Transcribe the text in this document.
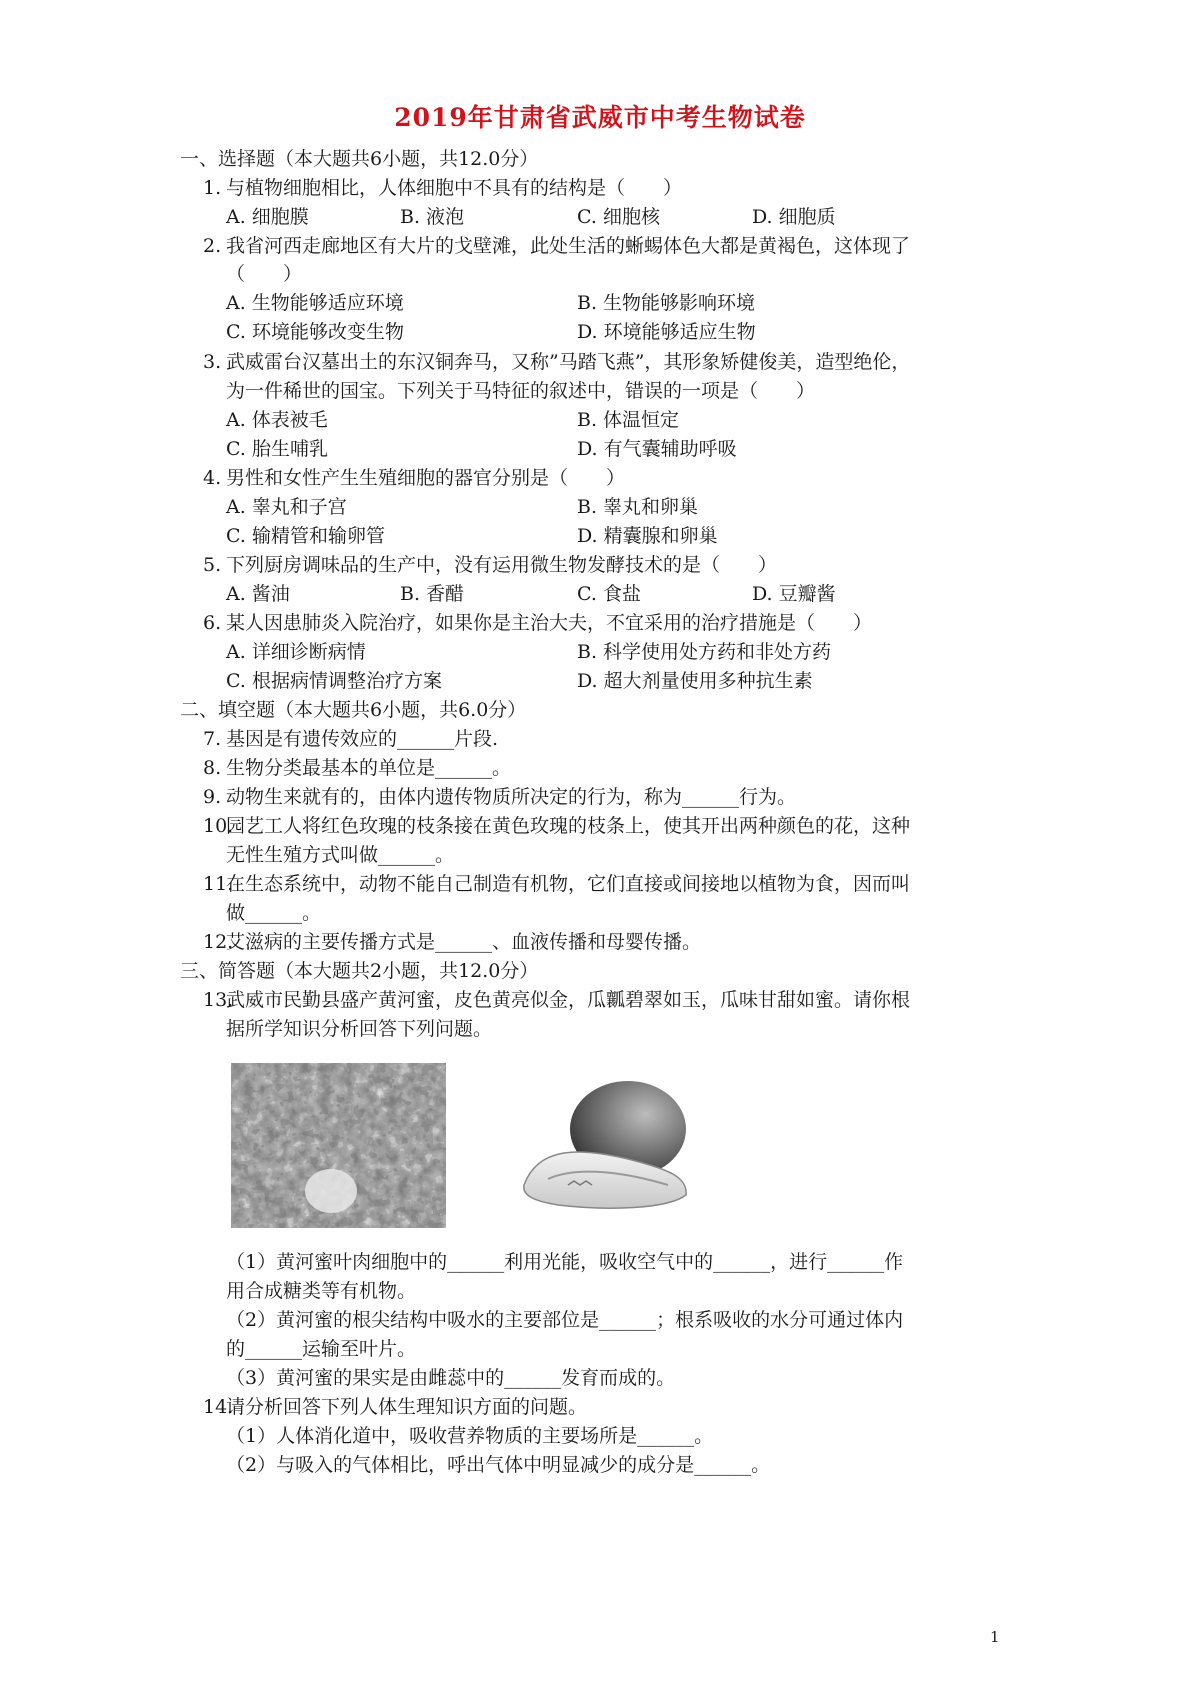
2019年甘肃省武威市中考生物试卷
一、选择题（本大题共6小题，共12.0分）
1. 与植物细胞相比，人体细胞中不具有的结构是（　　）
A. 细胞膜	B. 液泡	C. 细胞核	D. 细胞质
2. 我省河西走廊地区有大片的戈壁滩，此处生活的蜥蜴体色大都是黄褐色，这体现了
（　　）
A. 生物能够适应环境	B. 生物能够影响环境
C. 环境能够改变生物	D. 环境能够适应生物
3. 武威雷台汉墓出土的东汉铜奔马，又称”马踏飞燕”，其形象矫健俊美，造型绝伦，
为一件稀世的国宝。下列关于马特征的叙述中，错误的一项是（　　）
A. 体表被毛	B. 体温恒定
C. 胎生哺乳	D. 有气囊辅助呼吸
4. 男性和女性产生生殖细胞的器官分别是（　　）
A. 睾丸和子宫	B. 睾丸和卵巢
C. 输精管和输卵管	D. 精囊腺和卵巢
5. 下列厨房调味品的生产中，没有运用微生物发酵技术的是（　　）
A. 酱油	B. 香醋	C. 食盐	D. 豆瓣酱
6. 某人因患肺炎入院治疗，如果你是主治大夫，不宜采用的治疗措施是（　　）
A. 详细诊断病情	B. 科学使用处方药和非处方药
C. 根据病情调整治疗方案	D. 超大剂量使用多种抗生素
二、填空题（本大题共6小题，共6.0分）
7. 基因是有遗传效应的______片段.
8. 生物分类最基本的单位是______。
9. 动物生来就有的，由体内遗传物质所决定的行为，称为______行为。
10.
园艺工人将红色玫瑰的枝条接在黄色玫瑰的枝条上，使其开出两种颜色的花，这种
无性生殖方式叫做______。
11.
在生态系统中，动物不能自己制造有机物，它们直接或间接地以植物为食，因而叫
做______。
12.
艾滋病的主要传播方式是______、血液传播和母婴传播。
三、简答题（本大题共2小题，共12.0分）
13.
武威市民勤县盛产黄河蜜，皮色黄亮似金，瓜瓤碧翠如玉，瓜味甘甜如蜜。请你根
据所学知识分析回答下列问题。
（1）黄河蜜叶肉细胞中的______利用光能，吸收空气中的______，进行______作
用合成糖类等有机物。
（2）黄河蜜的根尖结构中吸水的主要部位是______；根系吸收的水分可通过体内
的______运输至叶片。
（3）黄河蜜的果实是由雌蕊中的______发育而成的。
14.
请分析回答下列人体生理知识方面的问题。
（1）人体消化道中，吸收营养物质的主要场所是______。
（2）与吸入的气体相比，呼出气体中明显减少的成分是______。
1
